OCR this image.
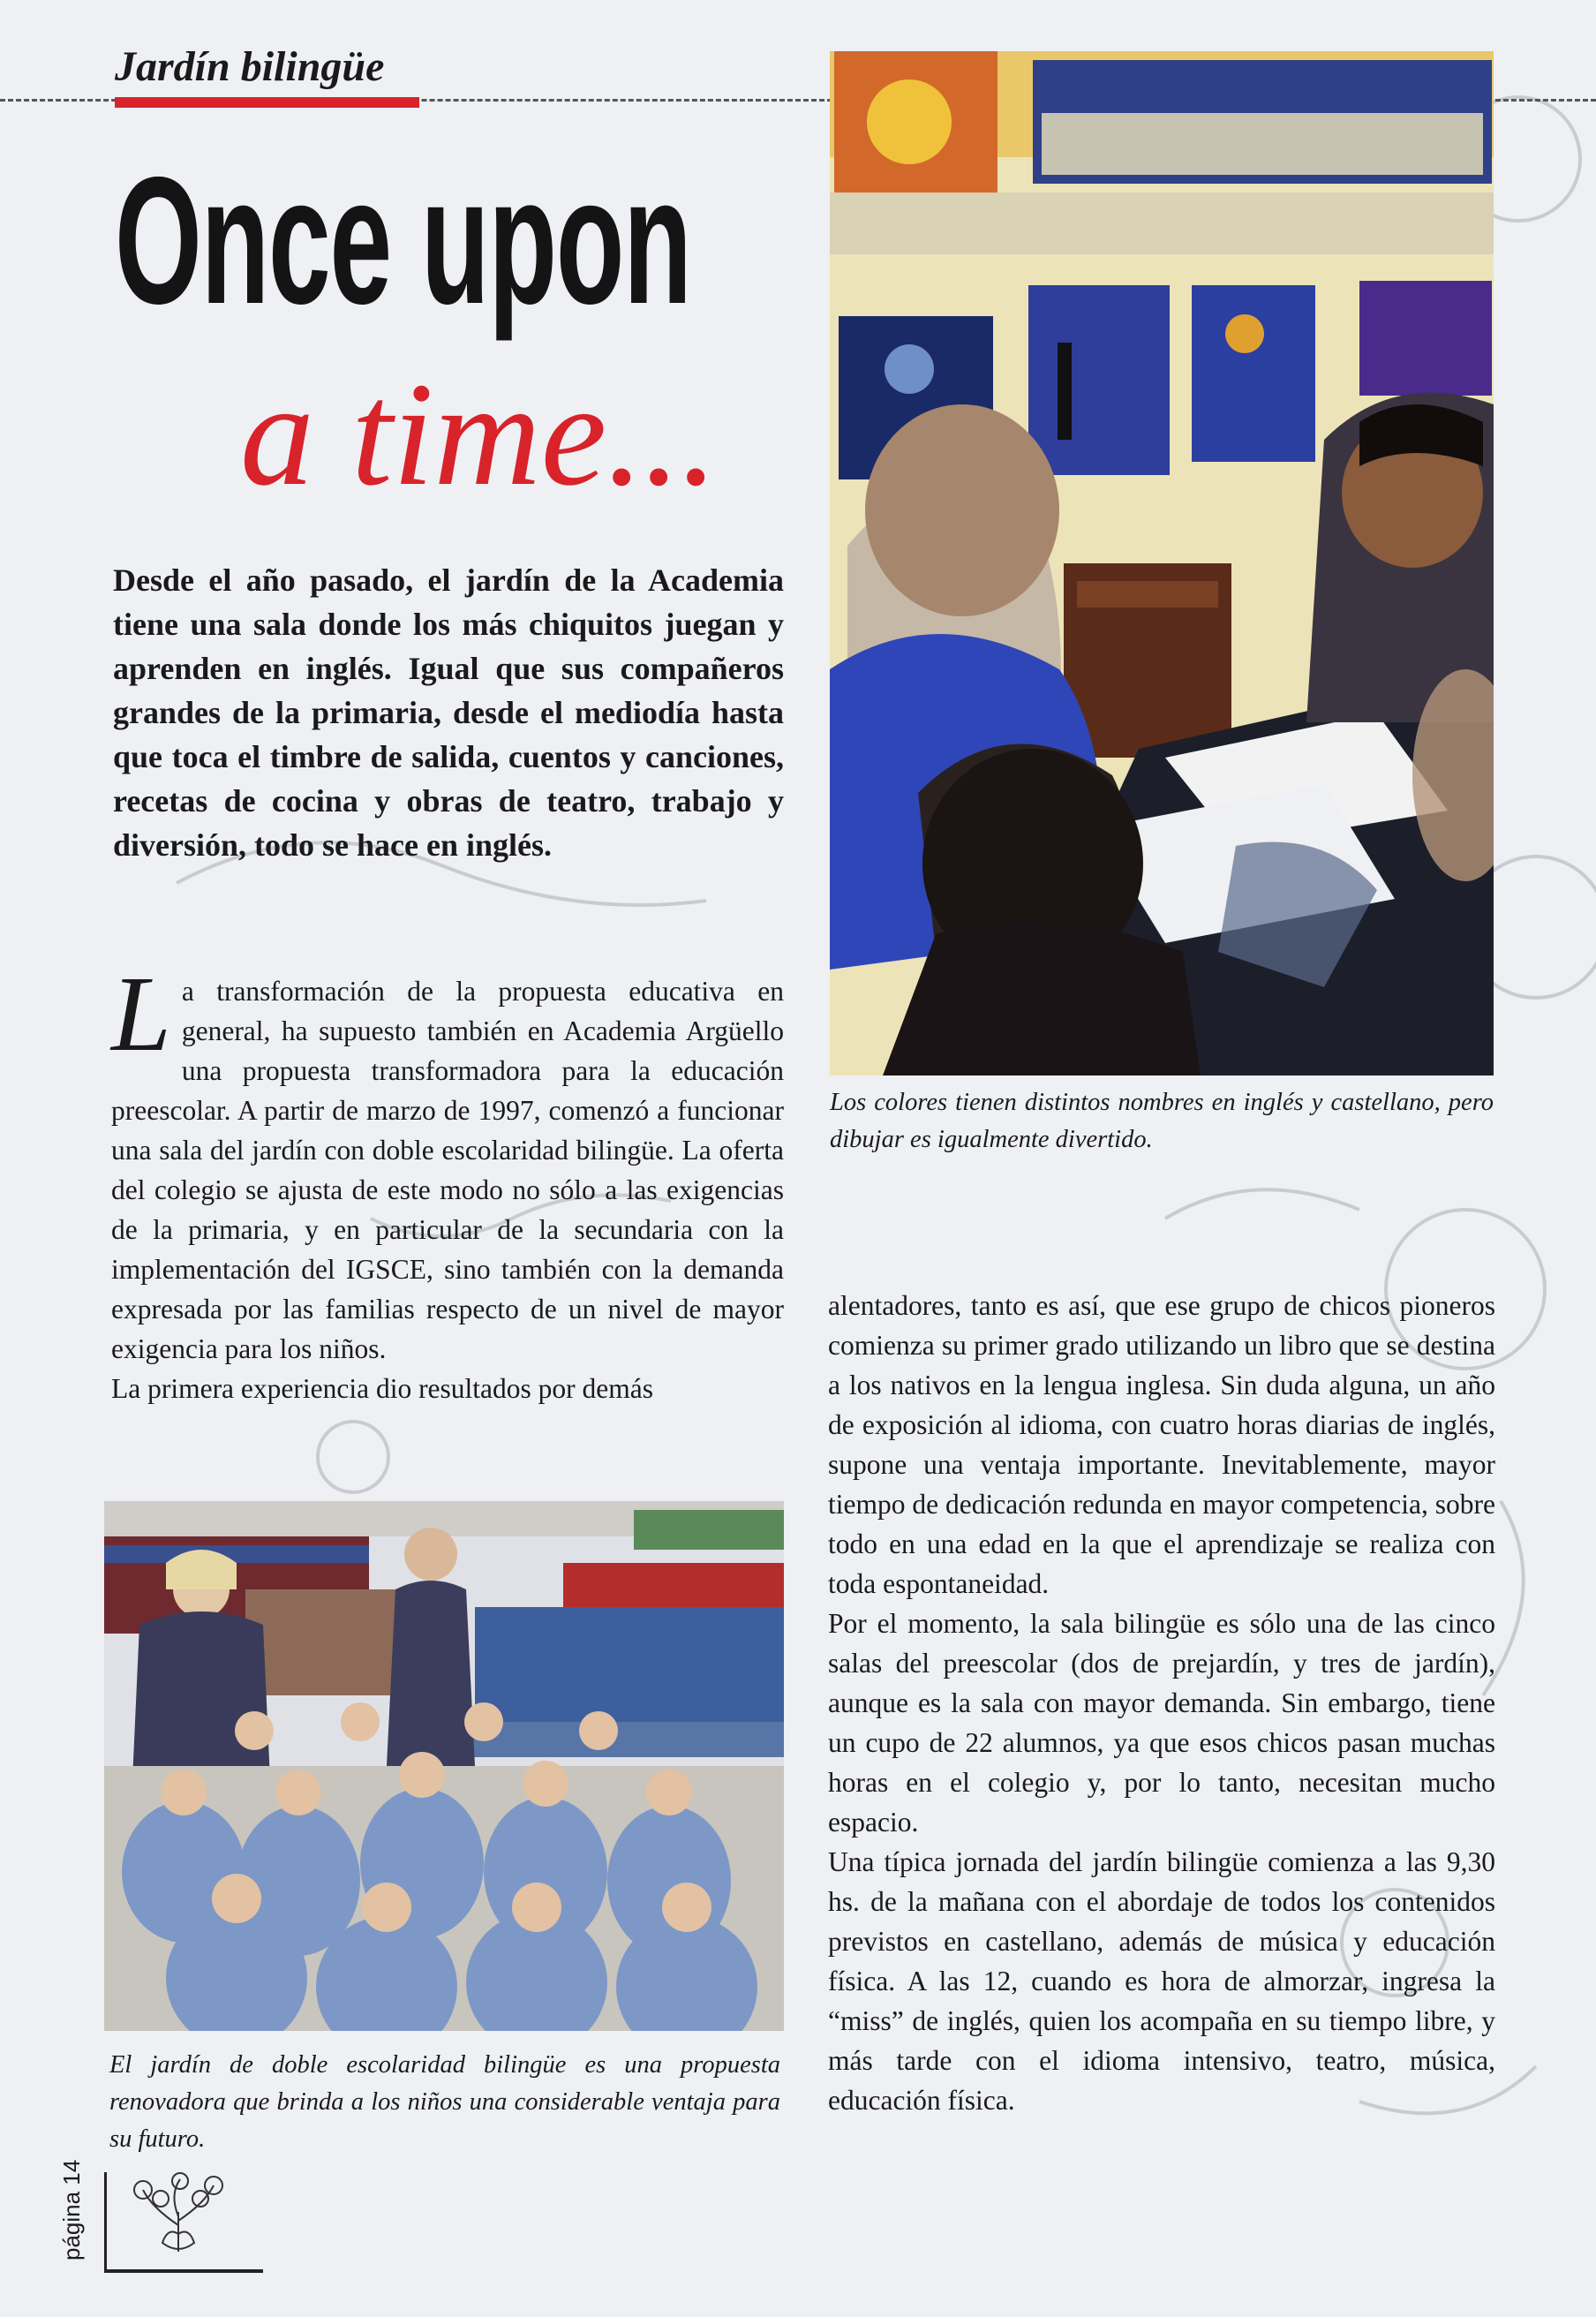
Jardín bilingüe
Once upon
a time...
Desde el año pasado, el jardín de la Academia tiene una sala donde los más chiquitos juegan y aprenden en inglés. Igual que sus compañeros grandes de la primaria, desde el mediodía hasta que toca el timbre de salida, cuentos y canciones, recetas de cocina y obras de teatro, trabajo y diversión, todo se hace en inglés.

La transformación de la propuesta educativa en general, ha supuesto también en Academia Argüello una propuesta transformadora para la educación preescolar. A partir de marzo de 1997, comenzó a funcionar una sala del jardín con doble escolaridad bilingüe. La oferta del colegio se ajusta de este modo no sólo a las exigencias de la primaria, y en particular de la secundaria con la implementación del IGSCE, sino también con la demanda expresada por las familias respecto de un nivel de mayor exigencia para los niños.

La primera experiencia dio resultados por demás

Los colores tienen distintos nombres en inglés y castellano, pero dibujar es igualmente divertido.
El jardín de doble escolaridad bilingüe es una propuesta renovadora que brinda a los niños una considerable ventaja para su futuro.

alentadores, tanto es así, que ese grupo de chicos pioneros comienza su primer grado utilizando un libro que se destina a los nativos en la lengua inglesa. Sin duda alguna, un año de exposición al idioma, con cuatro horas diarias de inglés, supone una ventaja importante. Inevitablemente, mayor tiempo de dedicación redunda en mayor competencia, sobre todo en una edad en la que el aprendizaje se realiza con toda espontaneidad.

Por el momento, la sala bilingüe es sólo una de las cinco salas del preescolar (dos de prejardín, y tres de jardín), aunque es la sala con mayor demanda. Sin embargo, tiene un cupo de 22 alumnos, ya que esos chicos pasan muchas horas en el colegio y, por lo tanto, necesitan mucho espacio.

Una típica jornada del jardín bilingüe comienza a las 9,30 hs. de la mañana con el abordaje de todos los contenidos previstos en castellano, además de música y educación física. A las 12, cuando es hora de almorzar, ingresa la “miss” de inglés, quien los acompaña en su tiempo libre, y más tarde con el idioma intensivo, teatro, música, educación física.

página 14
